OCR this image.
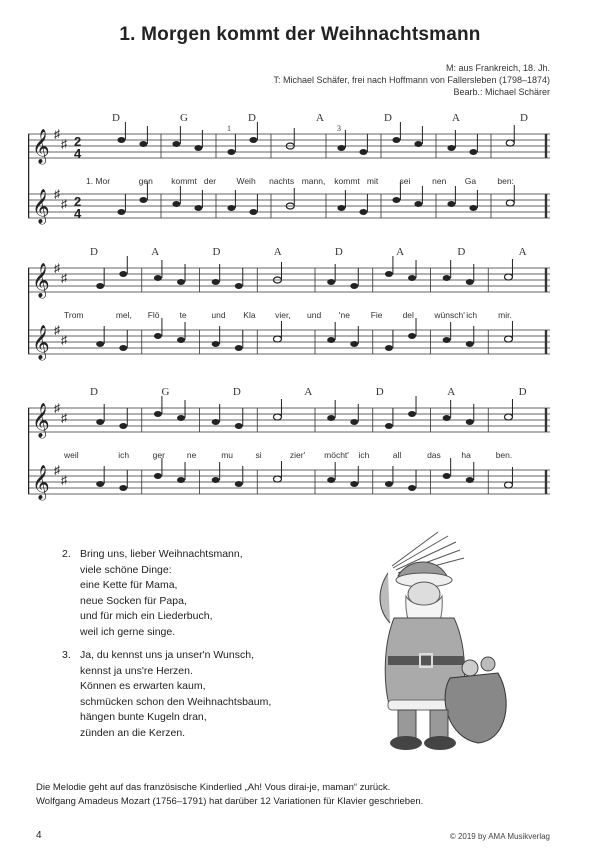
1. Morgen kommt der Weihnachtsmann
M: aus Frankreich, 18. Jh.
T: Michael Schäfer, frei nach Hoffmann von Fallersleben (1798–1874)
Bearb.: Michael Schärer
𝄞 ♯
♯ 2
4
𝄞 ♯
♯ 2
4
D	G	D	A	D	A	D
1	3
1. Mor	gen kommt der Weih nachts mann, kommt mit	sei	nen Ga	ben:
𝄞 ♯
♯
𝄞 ♯
♯
D	A	D	A	D	A	D	A
Trom	mel, Flö te	und Kla vier, und 'ne Fie del wünsch' ich mir.
𝄞 ♯
♯
𝄞 ♯
♯
D	G	D	A	D	A	D
weil	ich	ger	ne	mu	si	zier' möcht' ich	all	das ha	ben.
2. Bring uns, lieber Weihnachtsmann,
viele schöne Dinge:
eine Kette für Mama,
neue Socken für Papa,
und für mich ein Liederbuch,
weil ich gerne singe.
3. Ja, du kennst uns ja unser'n Wunsch,
kennst ja uns're Herzen.
Können es erwarten kaum,
schmücken schon den Weihnachtsbaum,
hängen bunte Kugeln dran,
zünden an die Kerzen.
Die Melodie geht auf das französische Kinderlied „Ah! Vous dirai-je, maman“ zurück.
Wolfgang Amadeus Mozart (1756–1791) hat darüber 12 Variationen für Klavier geschrieben.
4	© 2019 by AMA Musikverlag
